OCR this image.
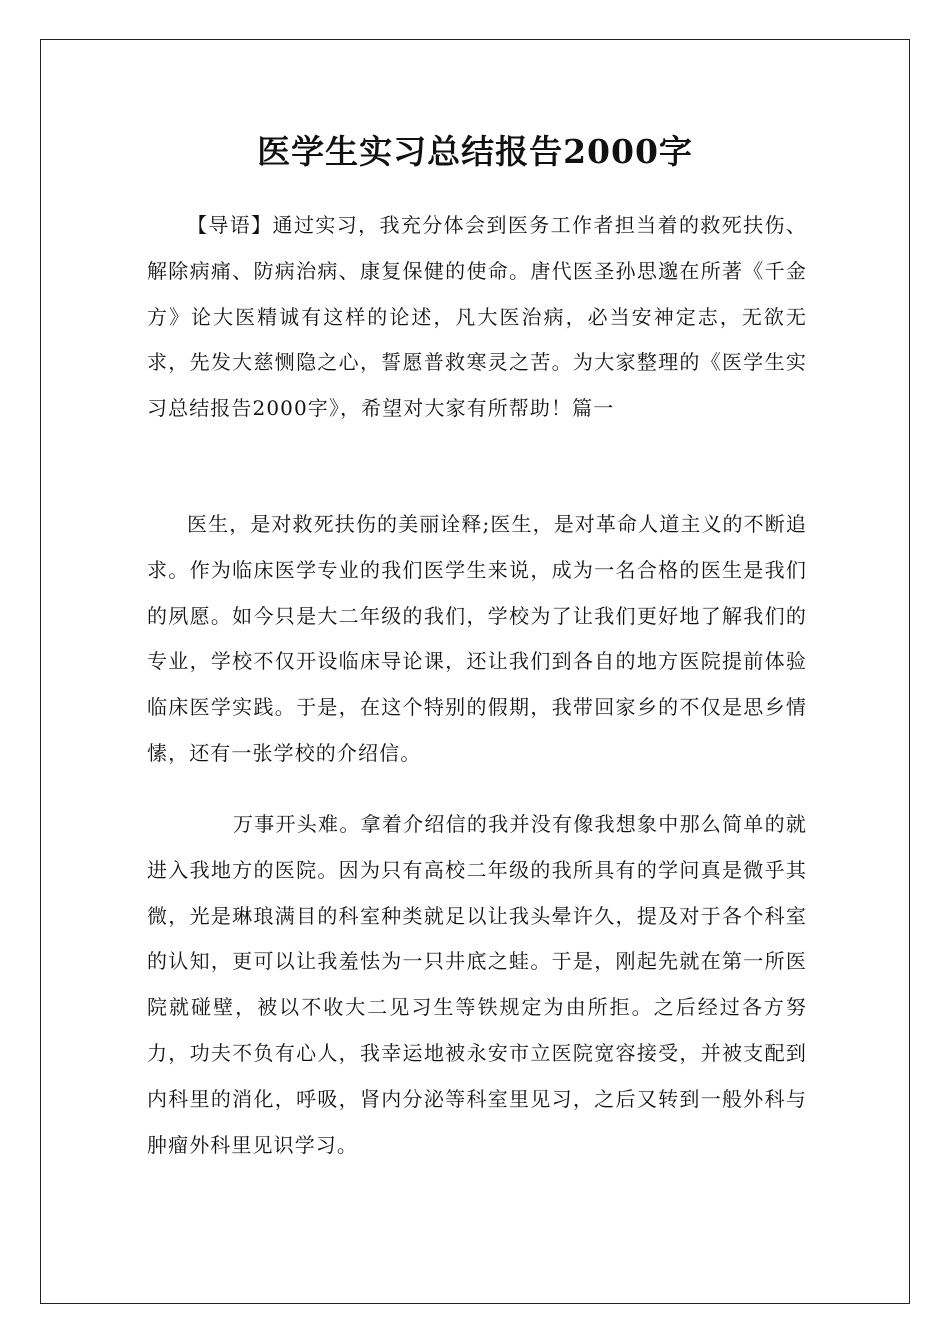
医学生实习总结报告2000字

【导语】通过实习，我充分体会到医务工作者担当着的救死扶伤、解除病痛、防病治病、康复保健的使命。唐代医圣孙思邈在所著《千金方》论大医精诚有这样的论述，凡大医治病，必当安神定志，无欲无求，先发大慈恻隐之心，誓愿普救寒灵之苦。为大家整理的《医学生实习总结报告2000字》，希望对大家有所帮助！篇一

医生，是对救死扶伤的美丽诠释;医生，是对革命人道主义的不断追求。作为临床医学专业的我们医学生来说，成为一名合格的医生是我们的夙愿。如今只是大二年级的我们，学校为了让我们更好地了解我们的专业，学校不仅开设临床导论课，还让我们到各自的地方医院提前体验临床医学实践。于是，在这个特别的假期，我带回家乡的不仅是思乡情愫，还有一张学校的介绍信。

万事开头难。拿着介绍信的我并没有像我想象中那么简单的就进入我地方的医院。因为只有高校二年级的我所具有的学问真是微乎其微，光是琳琅满目的科室种类就足以让我头晕许久，提及对于各个科室的认知，更可以让我羞怯为一只井底之蛙。于是，刚起先就在第一所医院就碰壁，被以不收大二见习生等铁规定为由所拒。之后经过各方努力，功夫不负有心人，我幸运地被永安市立医院宽容接受，并被支配到内科里的消化，呼吸，肾内分泌等科室里见习，之后又转到一般外科与肿瘤外科里见识学习。
